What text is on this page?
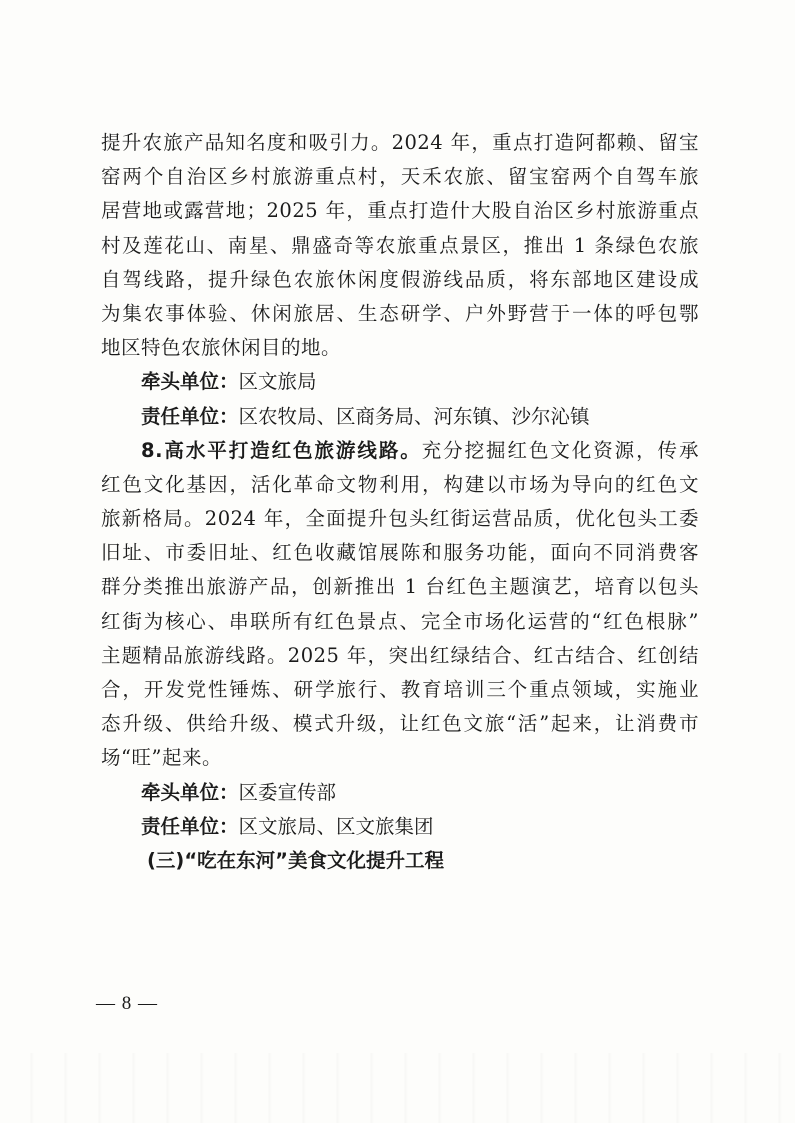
提升农旅产品知名度和吸引力。2024 年，重点打造阿都赖、留宝
窑两个自治区乡村旅游重点村，天禾农旅、留宝窑两个自驾车旅
居营地或露营地；2025 年，重点打造什大股自治区乡村旅游重点
村及莲花山、南星、鼎盛奇等农旅重点景区，推出 1 条绿色农旅
自驾线路，提升绿色农旅休闲度假游线品质，将东部地区建设成
为集农事体验、休闲旅居、生态研学、户外野营于一体的呼包鄂
地区特色农旅休闲目的地。
牵头单位：区文旅局
责任单位：区农牧局、区商务局、河东镇、沙尔沁镇
8.高水平打造红色旅游线路。充分挖掘红色文化资源，传承
红色文化基因，活化革命文物利用，构建以市场为导向的红色文
旅新格局。2024 年，全面提升包头红街运营品质，优化包头工委
旧址、市委旧址、红色收藏馆展陈和服务功能，面向不同消费客
群分类推出旅游产品，创新推出 1 台红色主题演艺，培育以包头
红街为核心、串联所有红色景点、完全市场化运营的“红色根脉”
主题精品旅游线路。2025 年，突出红绿结合、红古结合、红创结
合，开发党性锤炼、研学旅行、教育培训三个重点领域，实施业
态升级、供给升级、模式升级，让红色文旅“活”起来，让消费市
场“旺”起来。
牵头单位：区委宣传部
责任单位：区文旅局、区文旅集团
(三)“吃在东河”美食文化提升工程
— 8 —
